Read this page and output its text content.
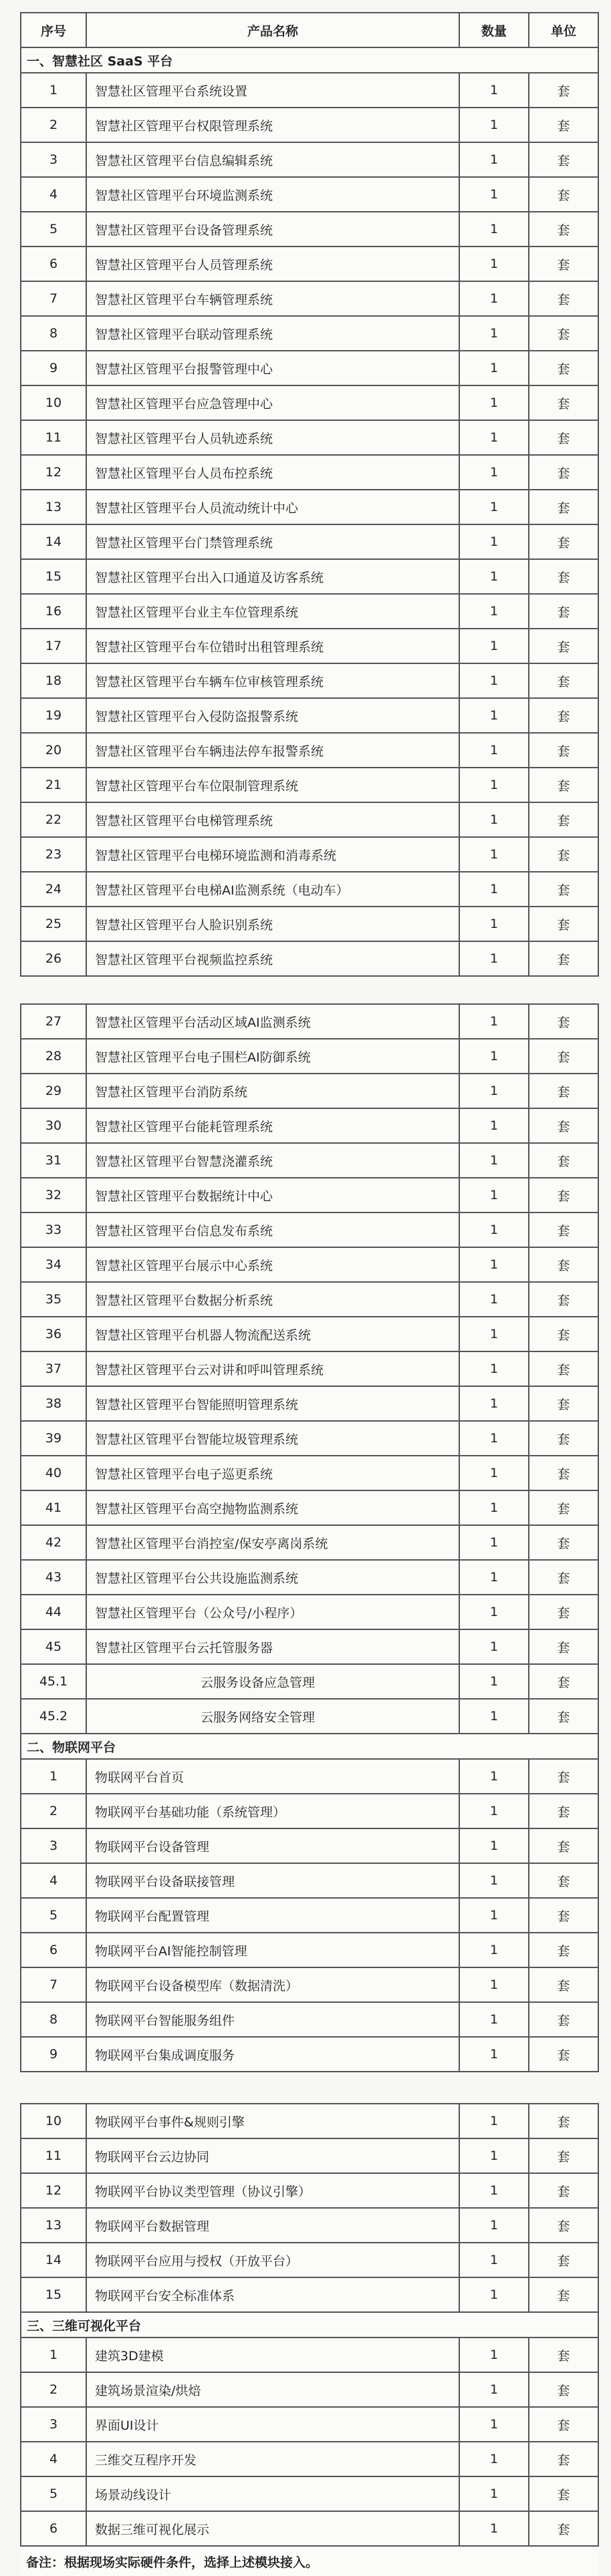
序号	产品名称	数量	单位
一、智慧社区 SaaS 平台			
1	智慧社区管理平台系统设置	1	套
2	智慧社区管理平台权限管理系统	1	套
3	智慧社区管理平台信息编辑系统	1	套
4	智慧社区管理平台环境监测系统	1	套
5	智慧社区管理平台设备管理系统	1	套
6	智慧社区管理平台人员管理系统	1	套
7	智慧社区管理平台车辆管理系统	1	套
8	智慧社区管理平台联动管理系统	1	套
9	智慧社区管理平台报警管理中心	1	套
10	智慧社区管理平台应急管理中心	1	套
11	智慧社区管理平台人员轨迹系统	1	套
12	智慧社区管理平台人员布控系统	1	套
13	智慧社区管理平台人员流动统计中心	1	套
14	智慧社区管理平台门禁管理系统	1	套
15	智慧社区管理平台出入口通道及访客系统	1	套
16	智慧社区管理平台业主车位管理系统	1	套
17	智慧社区管理平台车位错时出租管理系统	1	套
18	智慧社区管理平台车辆车位审核管理系统	1	套
19	智慧社区管理平台入侵防盗报警系统	1	套
20	智慧社区管理平台车辆违法停车报警系统	1	套
21	智慧社区管理平台车位限制管理系统	1	套
22	智慧社区管理平台电梯管理系统	1	套
23	智慧社区管理平台电梯环境监测和消毒系统	1	套
24	智慧社区管理平台电梯AI监测系统（电动车）	1	套
25	智慧社区管理平台人脸识别系统	1	套
26	智慧社区管理平台视频监控系统	1	套
27	智慧社区管理平台活动区域AI监测系统	1	套
28	智慧社区管理平台电子围栏AI防御系统	1	套
29	智慧社区管理平台消防系统	1	套
30	智慧社区管理平台能耗管理系统	1	套
31	智慧社区管理平台智慧浇灌系统	1	套
32	智慧社区管理平台数据统计中心	1	套
33	智慧社区管理平台信息发布系统	1	套
34	智慧社区管理平台展示中心系统	1	套
35	智慧社区管理平台数据分析系统	1	套
36	智慧社区管理平台机器人物流配送系统	1	套
37	智慧社区管理平台云对讲和呼叫管理系统	1	套
38	智慧社区管理平台智能照明管理系统	1	套
39	智慧社区管理平台智能垃圾管理系统	1	套
40	智慧社区管理平台电子巡更系统	1	套
41	智慧社区管理平台高空抛物监测系统	1	套
42	智慧社区管理平台消控室/保安亭离岗系统	1	套
43	智慧社区管理平台公共设施监测系统	1	套
44	智慧社区管理平台（公众号/小程序）	1	套
45	智慧社区管理平台云托管服务器	1	套
45.1	云服务设备应急管理	1	套
45.2	云服务网络安全管理	1	套
二、物联网平台			
1	物联网平台首页	1	套
2	物联网平台基础功能（系统管理）	1	套
3	物联网平台设备管理	1	套
4	物联网平台设备联接管理	1	套
5	物联网平台配置管理	1	套
6	物联网平台AI智能控制管理	1	套
7	物联网平台设备模型库（数据清洗）	1	套
8	物联网平台智能服务组件	1	套
9	物联网平台集成调度服务	1	套
10	物联网平台事件&规则引擎	1	套
11	物联网平台云边协同	1	套
12	物联网平台协议类型管理（协议引擎）	1	套
13	物联网平台数据管理	1	套
14	物联网平台应用与授权（开放平台）	1	套
15	物联网平台安全标准体系	1	套
三、三维可视化平台			
1	建筑3D建模	1	套
2	建筑场景渲染/烘焙	1	套
3	界面UI设计	1	套
4	三维交互程序开发	1	套
5	场景动线设计	1	套
6	数据三维可视化展示	1	套
备注：根据现场实际硬件条件，选择上述模块接入。			
